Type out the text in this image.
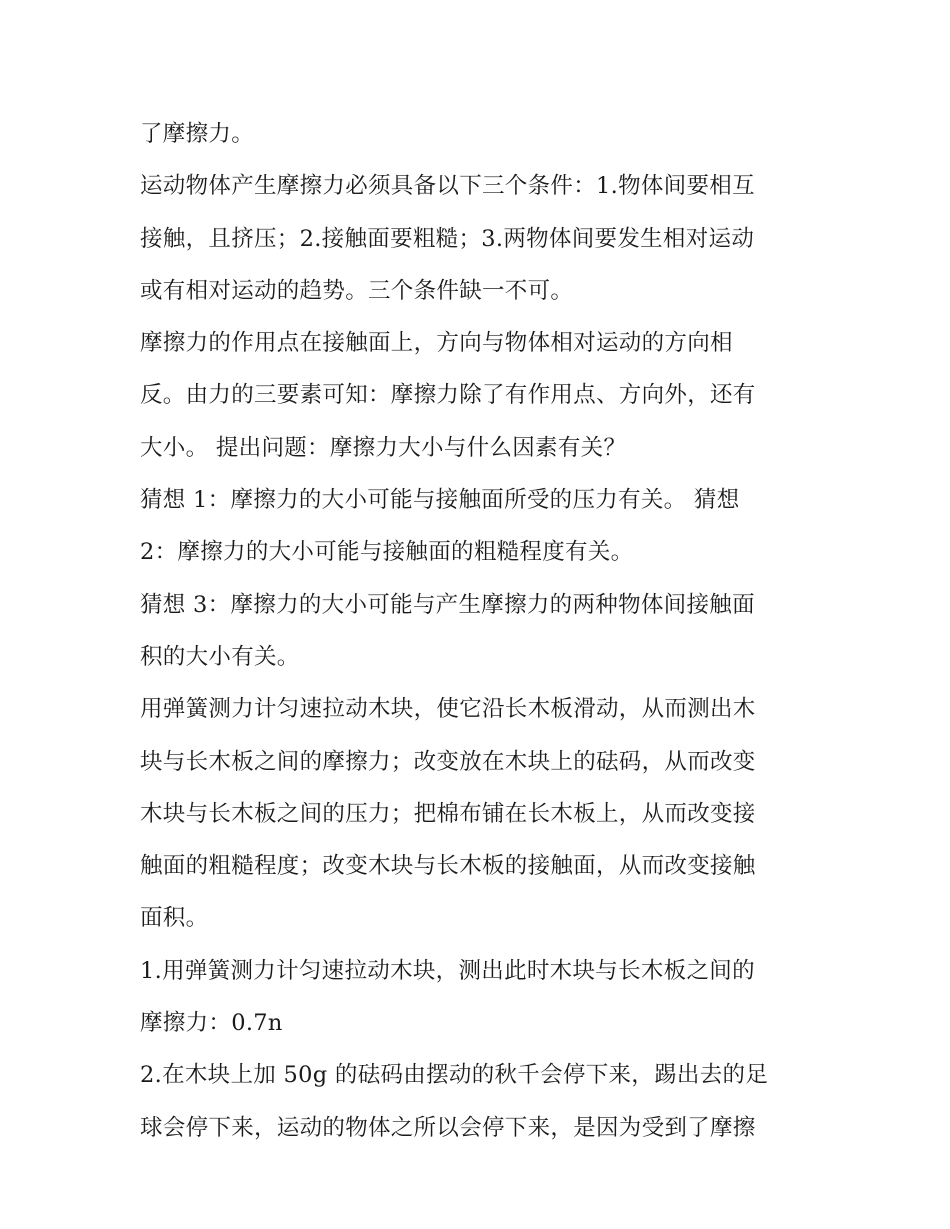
了摩擦力。
运动物体产生摩擦力必须具备以下三个条件：1.物体间要相互
接触，且挤压；2.接触面要粗糙；3.两物体间要发生相对运动
或有相对运动的趋势。三个条件缺一不可。
摩擦力的作用点在接触面上，方向与物体相对运动的方向相
反。由力的三要素可知：摩擦力除了有作用点、方向外，还有
大小。 提出问题：摩擦力大小与什么因素有关？
猜想 1：摩擦力的大小可能与接触面所受的压力有关。 猜想
2：摩擦力的大小可能与接触面的粗糙程度有关。
猜想 3：摩擦力的大小可能与产生摩擦力的两种物体间接触面
积的大小有关。
用弹簧测力计匀速拉动木块，使它沿长木板滑动，从而测出木
块与长木板之间的摩擦力；改变放在木块上的砝码，从而改变
木块与长木板之间的压力；把棉布铺在长木板上，从而改变接
触面的粗糙程度；改变木块与长木板的接触面，从而改变接触
面积。
1.用弹簧测力计匀速拉动木块，测出此时木块与长木板之间的
摩擦力：0.7n
2.在木块上加 50g 的砝码由摆动的秋千会停下来，踢出去的足
球会停下来，运动的物体之所以会停下来，是因为受到了摩擦
